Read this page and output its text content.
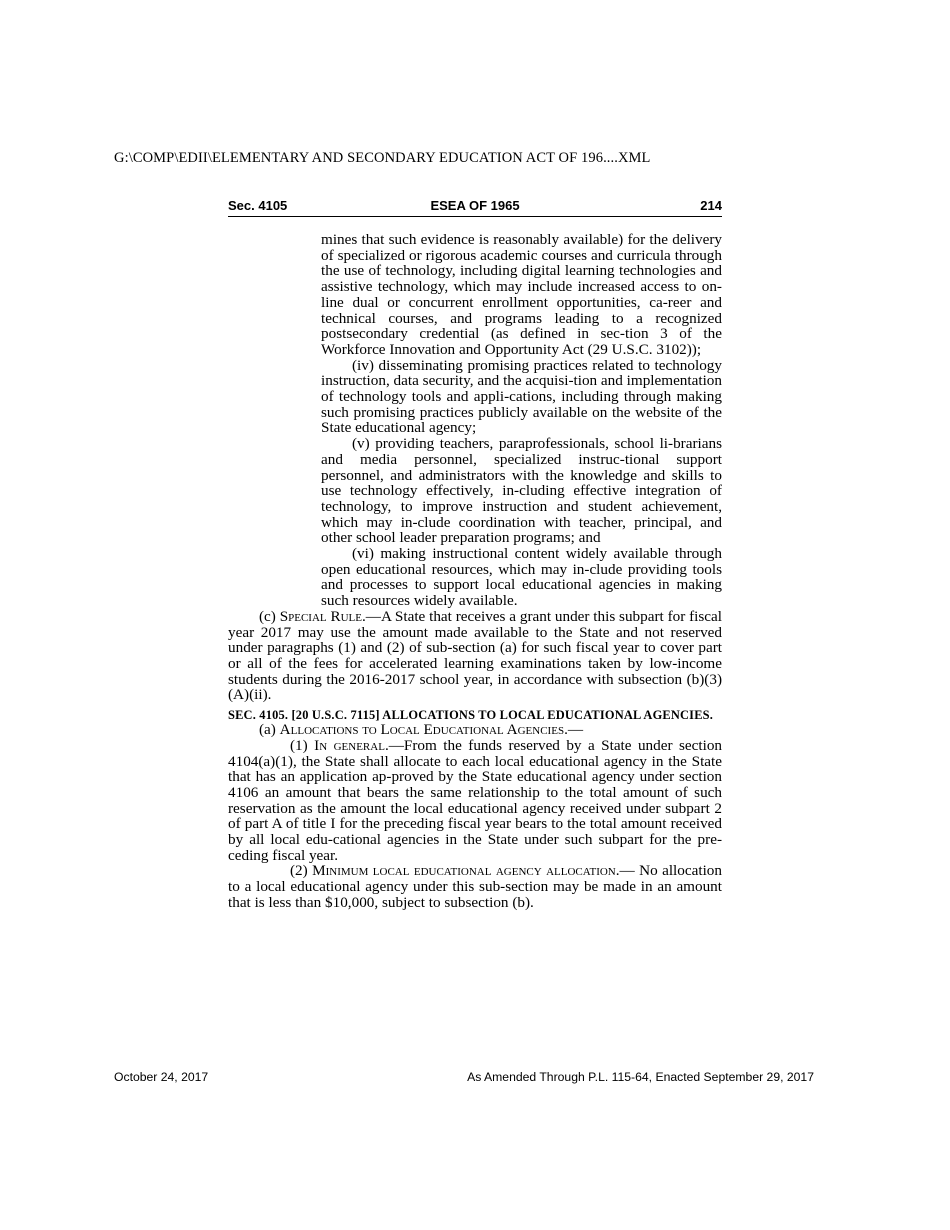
G:\COMP\EDII\ELEMENTARY AND SECONDARY EDUCATION ACT OF 196....XML
Sec. 4105	ESEA OF 1965	214

mines that such evidence is reasonably available) for the delivery of specialized or rigorous academic courses and curricula through the use of technology, including digital learning technologies and assistive technology, which may include increased access to on-line dual or concurrent enrollment opportunities, ca-reer and technical courses, and programs leading to a recognized postsecondary credential (as defined in sec-tion 3 of the Workforce Innovation and Opportunity Act (29 U.S.C. 3102));

(iv) disseminating promising practices related to technology instruction, data security, and the acquisi-tion and implementation of technology tools and appli-cations, including through making such promising practices publicly available on the website of the State educational agency;

(v) providing teachers, paraprofessionals, school li-brarians and media personnel, specialized instruc-tional support personnel, and administrators with the knowledge and skills to use technology effectively, in-cluding effective integration of technology, to improve instruction and student achievement, which may in-clude coordination with teacher, principal, and other school leader preparation programs; and

(vi) making instructional content widely available through open educational resources, which may in-clude providing tools and processes to support local educational agencies in making such resources widely available.

(c) Special Rule.—A State that receives a grant under this subpart for fiscal year 2017 may use the amount made available to the State and not reserved under paragraphs (1) and (2) of sub-section (a) for such fiscal year to cover part or all of the fees for accelerated learning examinations taken by low-income students during the 2016-2017 school year, in accordance with subsection (b)(3)(A)(ii).

SEC. 4105. [20 U.S.C. 7115] ALLOCATIONS TO LOCAL EDUCATIONAL AGENCIES.

(a) Allocations to Local Educational Agencies.—

(1) In general.—From the funds reserved by a State under section 4104(a)(1), the State shall allocate to each local educational agency in the State that has an application ap-proved by the State educational agency under section 4106 an amount that bears the same relationship to the total amount of such reservation as the amount the local educational agency received under subpart 2 of part A of title I for the preceding fiscal year bears to the total amount received by all local edu-cational agencies in the State under such subpart for the pre-ceding fiscal year.

(2) Minimum local educational agency allocation.— No allocation to a local educational agency under this sub-section may be made in an amount that is less than $10,000, subject to subsection (b).

October 24, 2017	As Amended Through P.L. 115-64, Enacted September 29, 2017
